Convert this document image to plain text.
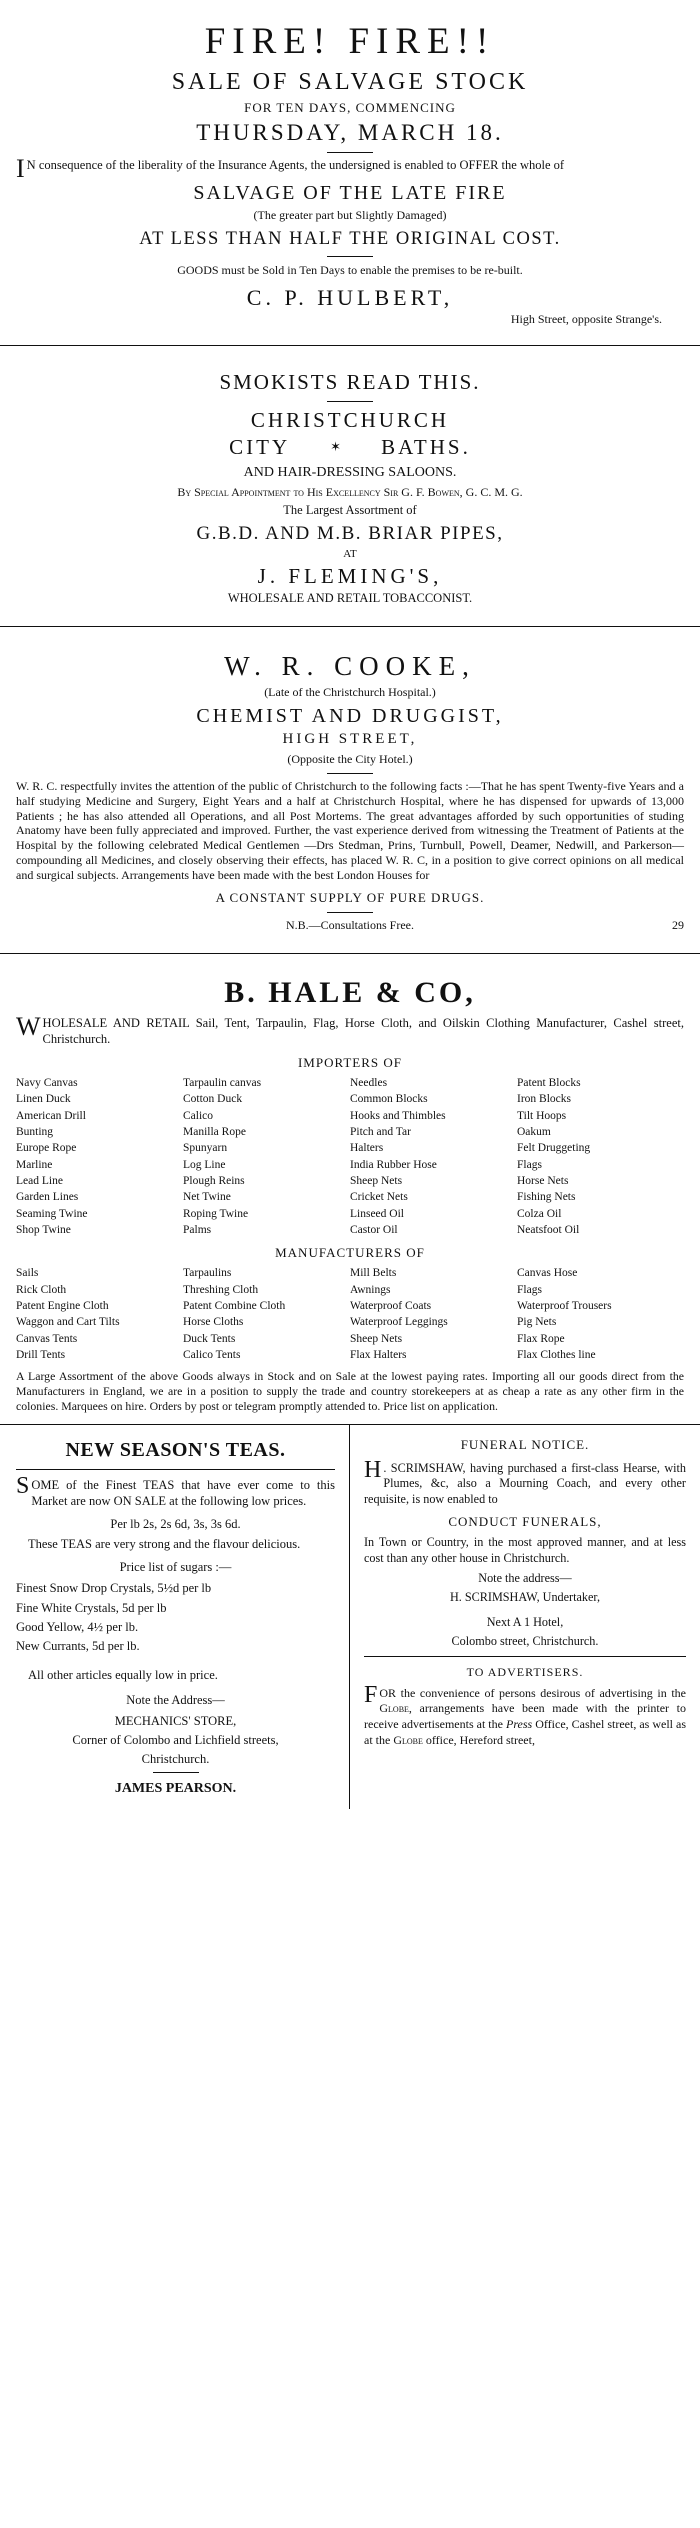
FIRE! FIRE!!
SALE OF SALVAGE STOCK
FOR TEN DAYS, COMMENCING
THURSDAY, MARCH 18.
I N consequence of the liberality of the Insurance Agents, the undersigned is enabled to OFFER the whole of
SALVAGE OF THE LATE FIRE
(The greater part but Slightly Damaged)
AT LESS THAN HALF THE ORIGINAL COST.
GOODS must be Sold in Ten Days to enable the premises to be re-built.
C. P. HULBERT,
High Street, opposite Strange's.
SMOKISTS READ THIS.
CHRISTCHURCH
CITY	✶ BATHS.
AND HAIR-DRESSING SALOONS.
By Special Appointment to His Excellency Sir G. F. Bowen, G. C. M. G.
The Largest Assortment of
G.B.D. AND M.B. BRIAR PIPES,
AT
J. FLEMING'S,
WHOLESALE AND RETAIL TOBACCONIST.
W. R. COOKE,
(Late of the Christchurch Hospital.)
CHEMIST AND DRUGGIST,
HIGH STREET,
(Opposite the City Hotel.)
W. R. C. respectfully invites the attention of the public of Christchurch to the following facts :—That he has spent Twenty-five Years and a half studying Medicine and Surgery, Eight Years and a half at Christchurch Hospital, where he has dispensed for upwards of 13,000 Patients ; he has also attended all Operations, and all Post Mortems. The great advantages afforded by such opportunities of studing Anatomy have been fully appreciated and improved. Further, the vast experience derived from witnessing the Treatment of Patients at the Hospital by the following celebrated Medical Gentlemen —Drs Stedman, Prins, Turnbull, Powell, Deamer, Nedwill, and Parkerson—compounding all Medicines, and closely observing their effects, has placed W. R. C, in a position to give correct opinions on all medical and surgical subjects. Arrangements have been made with the best London Houses for
A CONSTANT SUPPLY OF PURE DRUGS.
N.B.—Consultations Free.	29
B. HALE & CO,
WHOLESALE AND RETAIL Sail, Tent, Tarpaulin, Flag, Horse Cloth, and Oilskin Clothing Manufacturer, Cashel street, Christchurch.
IMPORTERS OF
Navy Canvas
Linen Duck
American Drill
Bunting
Europe Rope
Marline
Lead Line
Garden Lines
Seaming Twine
Shop Twine
Tarpaulin canvas
Cotton Duck
Calico
Manilla Rope
Spunyarn
Log Line
Plough Reins
Net Twine
Roping Twine
Palms
Needles
Common Blocks
Hooks and Thimbles
Pitch and Tar
Halters
India Rubber Hose
Sheep Nets
Cricket Nets
Linseed Oil
Castor Oil
Patent Blocks
Iron Blocks
Tilt Hoops
Oakum
Felt Druggeting
Flags
Horse Nets
Fishing Nets
Colza Oil
Neatsfoot Oil
MANUFACTURERS OF
Sails
Rick Cloth
Patent Engine Cloth
Waggon and Cart Tilts
Canvas Tents
Drill Tents
Tarpaulins
Threshing Cloth
Patent Combine Cloth
Horse Cloths
Duck Tents
Calico Tents
Mill Belts
Awnings
Waterproof Coats
Waterproof Leggings
Sheep Nets
Flax Halters
Canvas Hose
Flags
Waterproof Trousers
Pig Nets
Flax Rope
Flax Clothes line
A Large Assortment of the above Goods always in Stock and on Sale at the lowest paying rates. Importing all our goods direct from the Manufacturers in England, we are in a position to supply the trade and country storekeepers at as cheap a rate as any other firm in the colonies. Marquees on hire. Orders by post or telegram promptly attended to. Price list on application.
NEW SEASON'S TEAS.
SOME of the Finest TEAS that have ever come to this Market are now ON SALE at the following low prices.
Per lb 2s, 2s 6d, 3s, 3s 6d.
These TEAS are very strong and the flavour delicious.
Price list of sugars :—
Finest Snow Drop Crystals, 5½d per lb
Fine White Crystals, 5d per lb
Good Yellow, 4½ per lb.
New Currants, 5d per lb.
All other articles equally low in price.
Note the Address—
MECHANICS' STORE,
Corner of Colombo and Lichfield streets,
Christchurch.
JAMES PEARSON.
FUNERAL NOTICE.
H . SCRIMSHAW, having purchased a first-class Hearse, with Plumes, &c, also a Mourning Coach, and every other requisite, is now enabled to
CONDUCT FUNERALS,
In Town or Country, in the most approved manner, and at less cost than any other house in Christchurch.
Note the address—
H. SCRIMSHAW, Undertaker,
Next A 1 Hotel,
Colombo street, Christchurch.
TO ADVERTISERS.
FOR the convenience of persons desirous of advertising in the Globe, arrangements have been made with the printer to receive advertisements at the Press Office, Cashel street, as well as at the Globe office, Hereford street,
